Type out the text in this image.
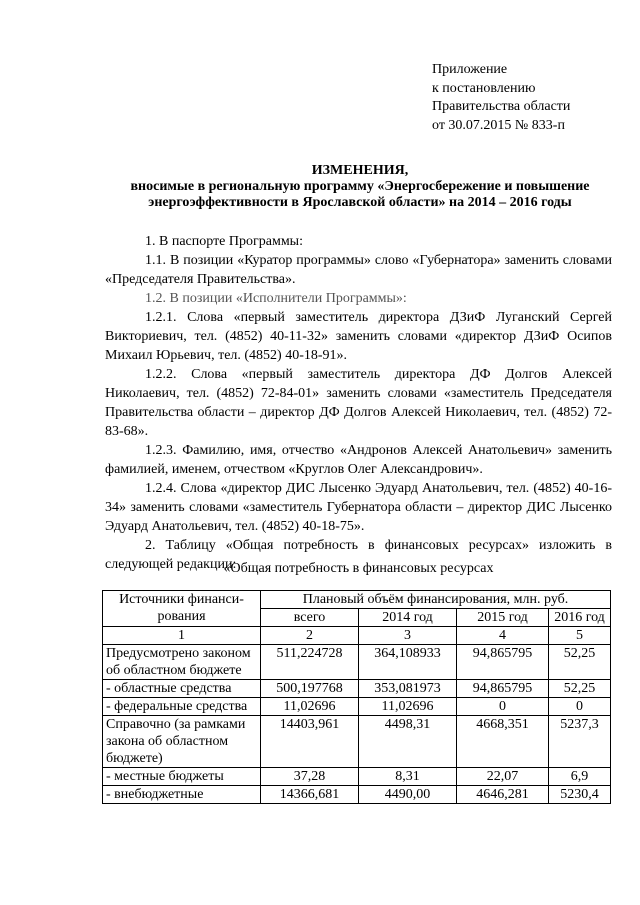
Приложение
к постановлению
Правительства области
от 30.07.2015 № 833-п
ИЗМЕНЕНИЯ,
вносимые в региональную программу «Энергосбережение и повышение
энергоэффективности в Ярославской области» на 2014 – 2016 годы

1. В паспорте Программы:

1.1. В позиции «Куратор программы» слово «Губернатора» заменить словами «Председателя Правительства».

1.2. В позиции «Исполнители Программы»:

1.2.1. Слова «первый заместитель директора ДЗиФ Луганский Сергей Викториевич, тел. (4852) 40-11-32» заменить словами «директор ДЗиФ Осипов Михаил Юрьевич, тел. (4852) 40-18-91».

1.2.2. Слова «первый заместитель директора ДФ Долгов Алексей Николаевич, тел. (4852) 72-84-01» заменить словами «заместитель Председателя Правительства области – директор ДФ Долгов Алексей Николаевич, тел. (4852) 72-83-68».

1.2.3. Фамилию, имя, отчество «Андронов Алексей Анатольевич» заменить фамилией, именем, отчеством «Круглов Олег Александрович».

1.2.4. Слова «директор ДИС Лысенко Эдуард Анатольевич, тел. (4852) 40-16-34» заменить словами «заместитель Губернатора области – директор ДИС Лысенко Эдуард Анатольевич, тел. (4852) 40-18-75».

2. Таблицу «Общая потребность в финансовых ресурсах» изложить в следующей редакции:

«Общая потребность в финансовых ресурсах
Источники финанси-рования	Плановый объём финансирования, млн. руб.			
	всего	2014 год	2015 год	2016 год
1	2	3	4	5
Предусмотрено законом об областном бюджете	511,224728	364,108933	94,865795	52,25
- областные средства	500,197768	353,081973	94,865795	52,25
- федеральные средства	11,02696	11,02696	0	0
Справочно (за рамками закона об областном бюджете)	14403,961	4498,31	4668,351	5237,3
- местные бюджеты	37,28	8,31	22,07	6,9
- внебюджетные	14366,681	4490,00	4646,281	5230,4
